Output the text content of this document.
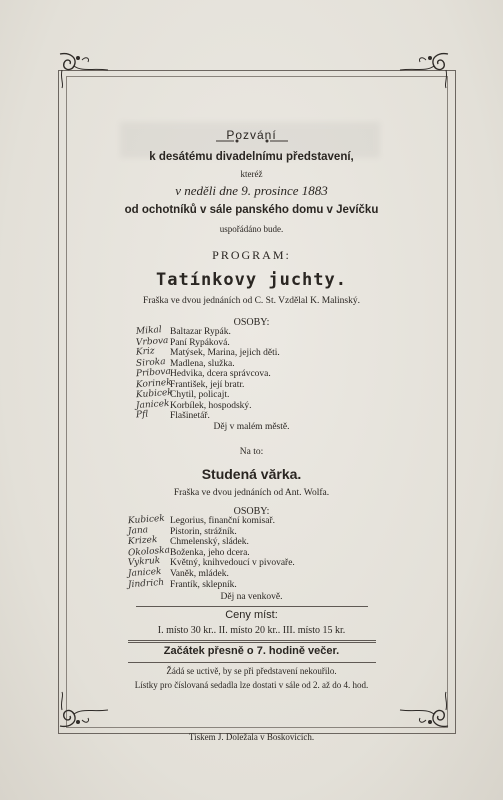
Pozvání
k desátému divadelnímu představení,
kteréž
v neděli dne 9. prosince 1883
od ochotníků v sále panského domu v Jevíčku
uspořádáno bude.
PROGRAM:
Tatínkovy juchty.
Fraška ve dvou jednáních od C. St. Vzdělal K. Malinský.
OSOBY:
Baltazar Rypák.
Mikal
Paní Rypáková.
Vrbova
Matýsek, Marina, jejich děti.
Kriz
Madlena, služka.
Siroka
Hedvika, dcera správcova.
Pribova
František, její bratr.
Korinek
Chytil, policajt.
Kubicek
Korbílek, hospodský.
Janicek
Flašinetář.
Pfl
Děj v malém městě.
Na to:
Studená vărka.
Fraška ve dvou jednáních od Ant. Wolfa.
OSOBY:
Legorius, finanční komisař.
Kubicek
Pistorin, strážník.
Jana
Chmelenský, sládek.
Krizek
Boženka, jeho dcera.
Okoloska
Květný, knihvedoucí v pivovaře.
Vykruk
Vaněk, mládek.
Janicek
Frantík, sklepník.
Jindrich
Děj na venkově.
Ceny míst:
I. místo 30 kr.. II. místo 20 kr.. III. místo 15 kr.
Začátek přesně o 7. hodině večer.
Žádá se uctivě, by se při představení nekouřilo.
Lístky pro číslovaná sedadla lze dostati v sále od 2. až do 4. hod.
Tiskem J. Doležala v Boskovicích.
